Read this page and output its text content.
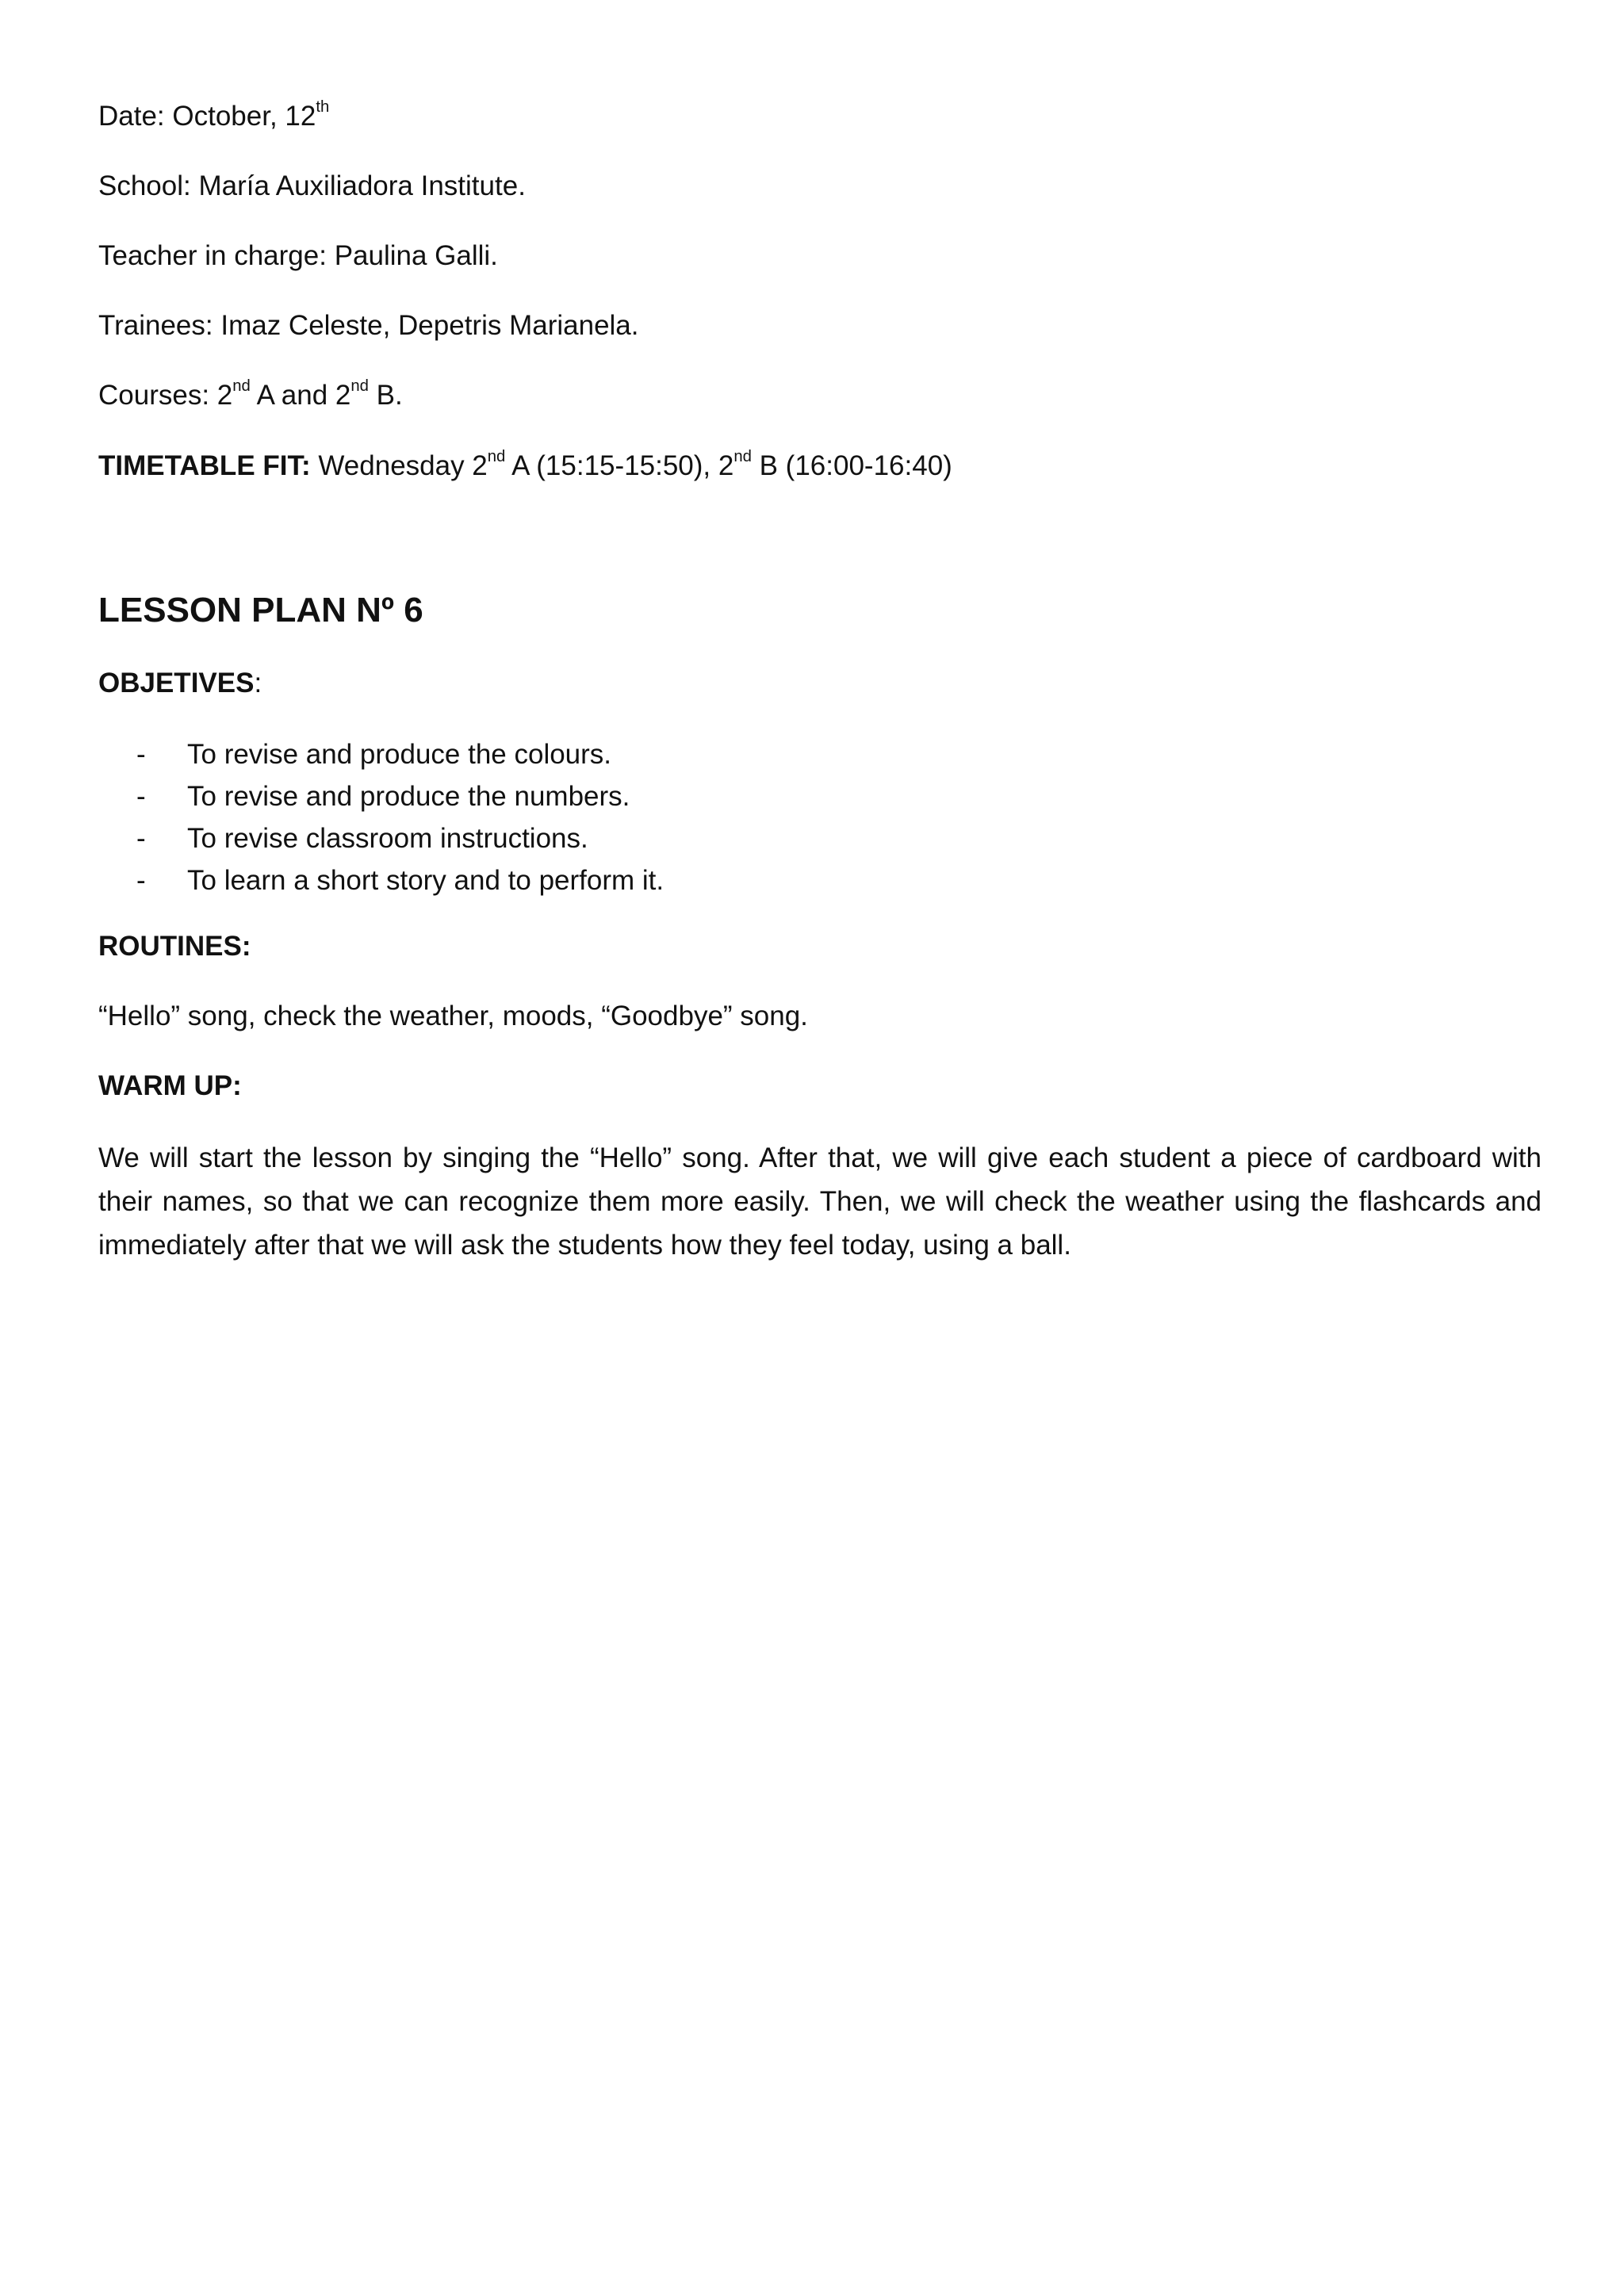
Date: October, 12th
School: María Auxiliadora Institute.
Teacher in charge: Paulina Galli.
Trainees: Imaz Celeste, Depetris Marianela.
Courses: 2nd A and 2nd B.
TIMETABLE FIT: Wednesday 2nd A (15:15-15:50), 2nd B (16:00-16:40)
LESSON PLAN Nº 6
OBJETIVES:
- To revise and produce the colours.
- To revise and produce the numbers.
- To revise classroom instructions.
- To learn a short story and to perform it.
ROUTINES:
“Hello” song, check the weather, moods, “Goodbye” song.
WARM UP:
We will start the lesson by singing the “Hello” song. After that, we will give each student a piece of cardboard with their names, so that we can recognize them more easily. Then, we will check the weather using the flashcards and immediately after that we will ask the students how they feel today, using a ball.
